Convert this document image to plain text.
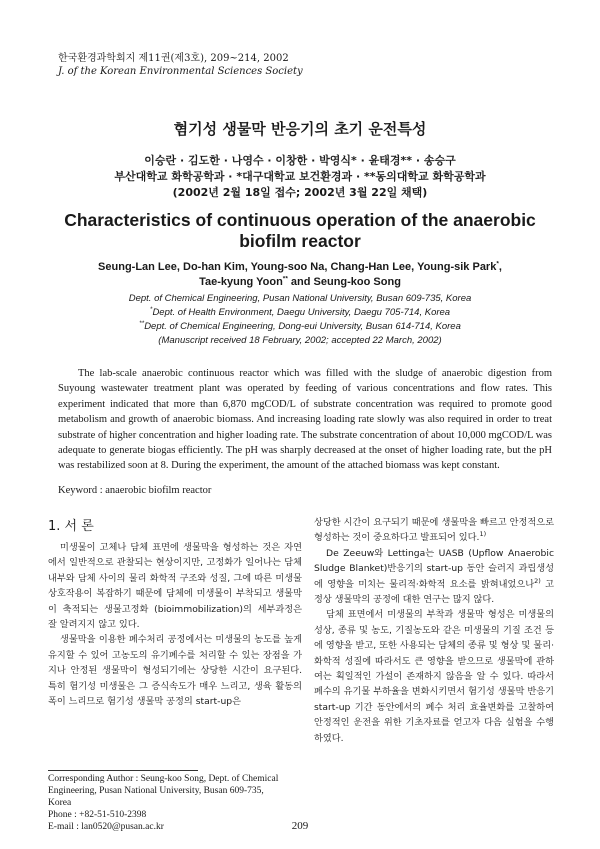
한국환경과학회지 제11권(제3호), 209~214, 2002
J. of the Korean Environmental Sciences Society
혐기성 생물막 반응기의 초기 운전특성
이승란 · 김도한 · 나영수 · 이창한 · 박영식* · 윤태경** · 송승구
부산대학교 화학공학과 · *대구대학교 보건환경과 · **동의대학교 화학공학과
(2002년 2월 18일 접수; 2002년 3월 22일 채택)
Characteristics of continuous operation of the anaerobic biofilm reactor
Seung-Lan Lee, Do-han Kim, Young-soo Na, Chang-Han Lee, Young-sik Park*,
Tae-kyung Yoon** and Seung-koo Song
Dept. of Chemical Engineering, Pusan National University, Busan 609-735, Korea
*Dept. of Health Environment, Daegu University, Daegu 705-714, Korea
**Dept. of Chemical Engineering, Dong-eui University, Busan 614-714, Korea
(Manuscript received 18 February, 2002; accepted 22 March, 2002)

The lab-scale anaerobic continuous reactor which was filled with the sludge of anaerobic digestion from Suyoung wastewater treatment plant was operated by feeding of various concentrations and flow rates. This experiment indicated that more than 6,870 mgCOD/L of substrate concentration was required to promote good metabolism and growth of anaerobic biomass. And increasing loading rate slowly was also required in order to treat substrate of higher concentration and higher loading rate. The substrate concentration of about 10,000 mgCOD/L was adequate to generate biogas efficiently. The pH was sharply decreased at the onset of higher loading rate, but the pH was restabilized soon at 8. During the experiment, the amount of the attached biomass was kept constant.

Keyword : anaerobic biofilm reactor
1. 서 론
미생물이 고체나 담체 표면에 생물막을 형성하는 것은 자연에서 일반적으로 관찰되는 현상이지만, 고정화가 일어나는 담체 내부와 담체 사이의 물리 화학적 구조와 성질, 그에 따른 미생물 상호작용이 복잡하기 때문에 담체에 미생물이 부착되고 생물막이 축적되는 생물고정화 (bioimmobilization)의 세부과정은 잘 알려지지 않고 있다.
생물막을 이용한 폐수처리 공정에서는 미생물의 농도를 높게 유지할 수 있어 고농도의 유기폐수를 처리할 수 있는 장점을 가지나 안정된 생물막이 형성되기에는 상당한 시간이 요구된다. 특히 혐기성 미생물은 그 증식속도가 매우 느리고, 생육 활동의 폭이 느리므로 혐기성 생물막 공정의 start-up은
상당한 시간이 요구되기 때문에 생물막을 빠르고 안정적으로 형성하는 것이 중요하다고 발표되어 있다.$^{1)}$
De Zeeuw와 Lettinga는 UASB (Upflow Anaerobic Sludge Blanket)반응기의 start-up 동안 슬러지 과립생성에 영향을 미치는 물리적·화학적 요소를 밝혀내었으나$^{2)}$ 고정상 생물막의 공정에 대한 연구는 많지 않다.
담체 표면에서 미생물의 부착과 생물막 형성은 미생물의 성상, 종류 및 농도, 기질농도와 같은 미생물의 기질 조건 등에 영향을 받고, 또한 사용되는 담체의 종류 및 형상 및 물리·화학적 성질에 따라서도 큰 영향을 받으므로 생물막에 관하여는 획일적인 가설이 존재하지 않음을 알 수 있다. 따라서 폐수의 유기물 부하율을 변화시키면서 혐기성 생물막 반응기 start-up 기간 동안에서의 폐수 처리 효율변화를 고찰하여 안정적인 운전을 위한 기초자료를 얻고자 다음 실험을 수행하였다.
Corresponding Author : Seung-koo Song, Dept. of Chemical
Engineering, Pusan National University, Busan 609-735,
Korea
Phone : +82-51-510-2398
E-mail : lan0520@pusan.ac.kr	209
